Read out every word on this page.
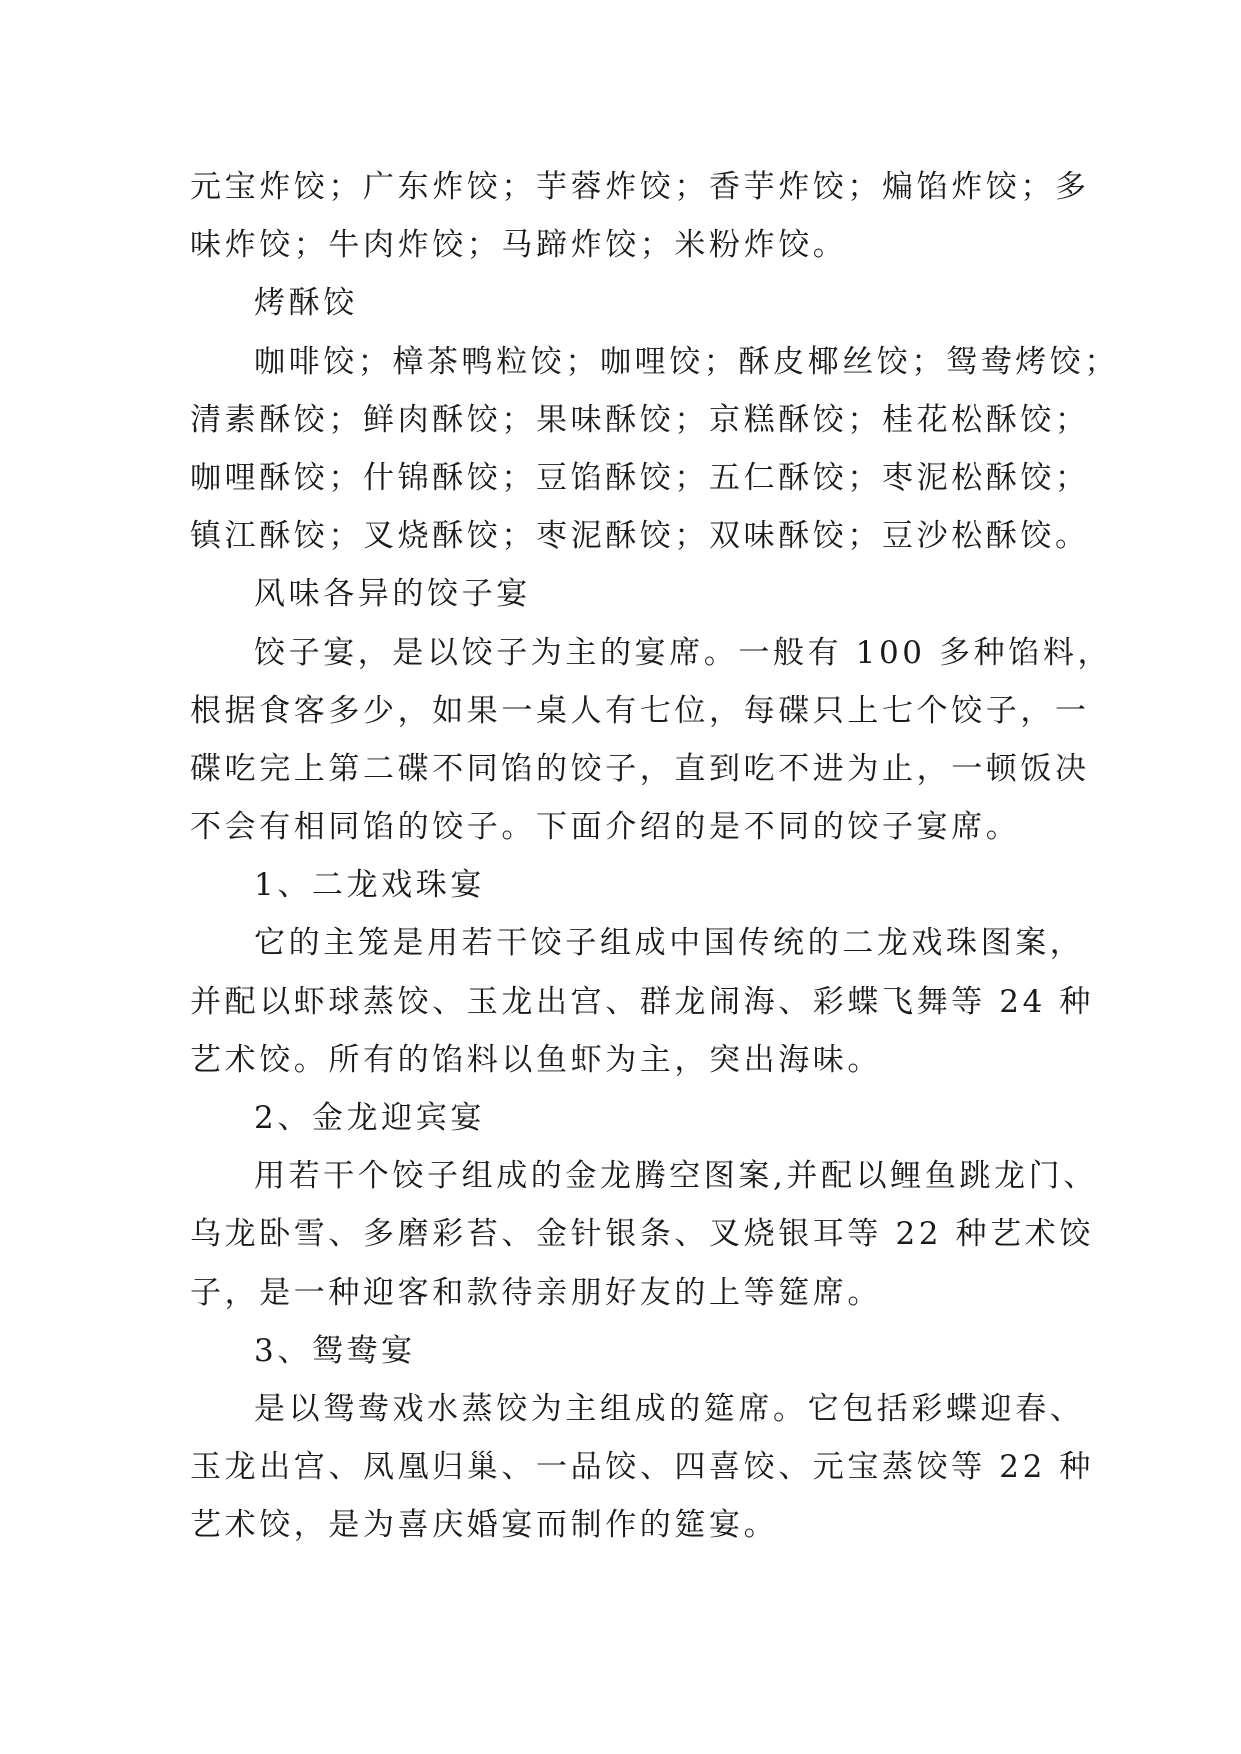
元宝炸饺；广东炸饺；芋蓉炸饺；香芋炸饺；煸馅炸饺；多
味炸饺；牛肉炸饺；马蹄炸饺；米粉炸饺。
烤酥饺
咖啡饺；樟茶鸭粒饺；咖哩饺；酥皮椰丝饺；鸳鸯烤饺；
清素酥饺；鲜肉酥饺；果味酥饺；京糕酥饺；桂花松酥饺；
咖哩酥饺；什锦酥饺；豆馅酥饺；五仁酥饺；枣泥松酥饺；
镇江酥饺；叉烧酥饺；枣泥酥饺；双味酥饺；豆沙松酥饺。
风味各异的饺子宴
饺子宴，是以饺子为主的宴席。一般有 100 多种馅料，
根据食客多少，如果一桌人有七位，每碟只上七个饺子，一
碟吃完上第二碟不同馅的饺子，直到吃不进为止，一顿饭决
不会有相同馅的饺子。下面介绍的是不同的饺子宴席。
1、二龙戏珠宴
它的主笼是用若干饺子组成中国传统的二龙戏珠图案，
并配以虾球蒸饺、玉龙出宫、群龙闹海、彩蝶飞舞等 24 种
艺术饺。所有的馅料以鱼虾为主，突出海味。
2、金龙迎宾宴
用若干个饺子组成的金龙腾空图案,并配以鲤鱼跳龙门、
乌龙卧雪、多磨彩苔、金针银条、叉烧银耳等 22 种艺术饺
子，是一种迎客和款待亲朋好友的上等筵席。
3、鸳鸯宴
是以鸳鸯戏水蒸饺为主组成的筵席。它包括彩蝶迎春、
玉龙出宫、凤凰归巢、一品饺、四喜饺、元宝蒸饺等 22 种
艺术饺，是为喜庆婚宴而制作的筵宴。
